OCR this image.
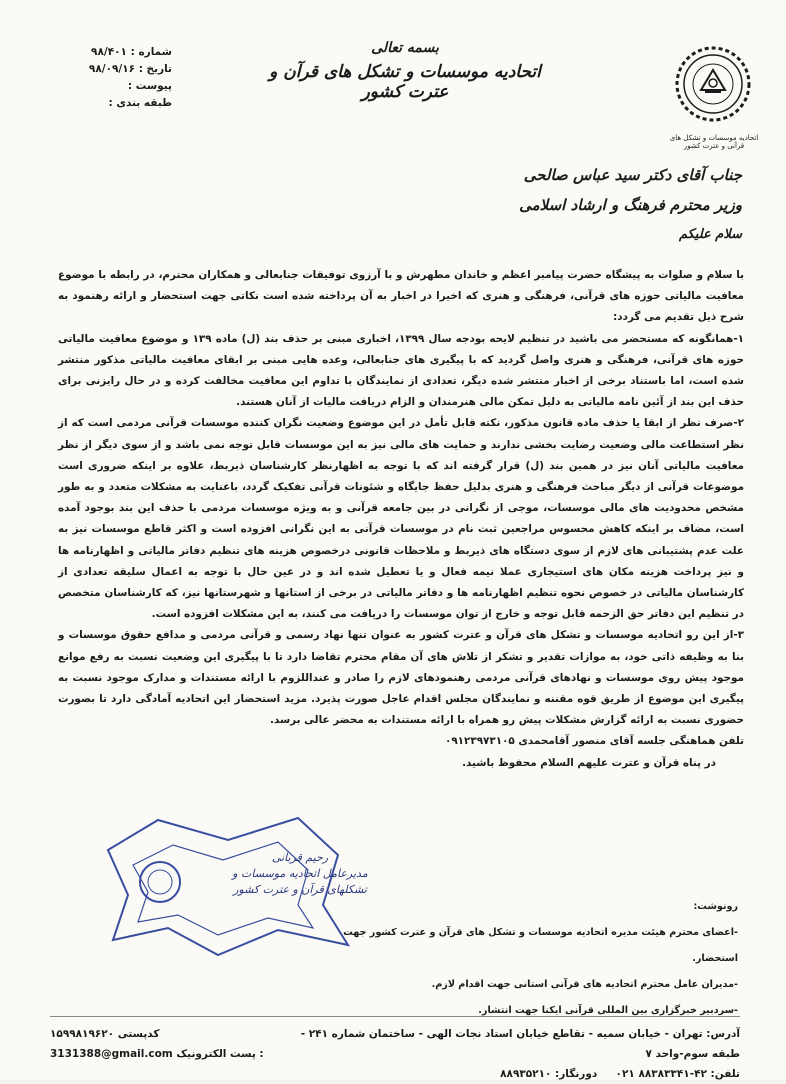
اتحادیه موسسات و تشکل های قرآنی و عترت کشور
شماره : ۹۸/۴۰۱
تاریخ : ۹۸/۰۹/۱۶
پیوست :
طبقه بندی :
بسمه تعالی
اتحادیه موسسات و تشکل های قرآن و عترت کشور
جناب آقای دکتر سید عباس صالحی
وزیر محترم فرهنگ و ارشاد اسلامی
سلام علیکم

با سلام و صلوات به پیشگاه حضرت پیامبر اعظم و خاندان مطهرش و با آرزوی توفیقات جنابعالی و همکاران محترم، در رابطه با موضوع معافیت مالیاتی حوزه های قرآنی، فرهنگی و هنری که اخیرا در اخبار به آن پرداخته شده است نکاتی جهت استحضار و ارائه رهنمود به شرح ذیل تقدیم می گردد:

۱-همانگونه که مستحضر می باشید در تنظیم لایحه بودجه سال ۱۳۹۹، اخباری مبنی بر حذف بند (ل) ماده ۱۳۹ و موضوع معافیت مالیاتی حوزه های قرآنی، فرهنگی و هنری واصل گردید که با پیگیری های جنابعالی، وعده هایی مبنی بر ابقای معافیت مالیاتی مذکور منتشر شده است، اما باستناد برخی از اخبار منتشر شده دیگر، تعدادی از نمایندگان با تداوم این معافیت مخالفت کرده و در حال رایزنی برای حذف این بند از آئین نامه مالیاتی به دلیل تمکن مالی هنرمندان و الزام دریافت مالیات از آنان هستند.

۲-صرف نظر از ابقا یا حذف ماده قانون مذکور، نکته قابل تأمل در این موضوع وضعیت نگران کننده موسسات قرآنی مردمی است که از نظر استطاعت مالی وضعیت رضایت بخشی ندارند و حمایت های مالی نیز به این موسسات قابل توجه نمی باشد و از سوی دیگر از نظر معافیت مالیاتی آنان نیز در همین بند (ل) قرار گرفته اند که با توجه به اظهارنظر کارشناسان ذیربط، علاوه بر اینکه ضروری است موضوعات قرآنی از دیگر مباحث فرهنگی و هنری بدلیل حفظ جایگاه و شئونات قرآنی تفکیک گردد، باعنایت به مشکلات متعدد و به طور مشخص محدودیت های مالی موسسات، موجی از نگرانی در بین جامعه قرآنی و به ویژه موسسات مردمی با حذف این بند بوجود آمده است، مضاف بر اینکه کاهش محسوس مراجعین ثبت نام در موسسات قرآنی به این نگرانی افزوده است و اکثر قاطع موسسات نیز به علت عدم پشتیبانی های لازم از سوی دستگاه های ذیربط و ملاحظات قانونی درخصوص هزینه های تنظیم دفاتر مالیاتی و اظهارنامه ها و نیز پرداخت هزینه مکان های استیجاری عملا نیمه فعال و یا تعطیل شده اند و در عین حال با توجه به اعمال سلیقه تعدادی از کارشناسان مالیاتی در خصوص نحوه تنظیم اظهارنامه ها و دفاتر مالیاتی در برخی از استانها و شهرستانها نیز، که کارشناسان متخصص در تنظیم این دفاتر حق الزحمه قابل توجه و خارج از توان موسسات را دریافت می کنند، به این مشکلات افزوده است.

۳-از این رو اتحادیه موسسات و تشکل های قرآن و عترت کشور به عنوان تنها نهاد رسمی و قرآنی مردمی و مدافع حقوق موسسات و بنا به وظیفه ذاتی خود، به موازات تقدیر و تشکر از تلاش های آن مقام محترم تقاضا دارد تا با پیگیری این وضعیت نسبت به رفع موانع موجود پیش روی موسسات و نهادهای قرآنی مردمی رهنمودهای لازم را صادر و عنداللزوم با ارائه مستندات و مدارک موجود نسبت به پیگیری این موضوع از طریق قوه مقننه و نمایندگان مجلس اقدام عاجل صورت پذیرد. مزید استحضار این اتحادیه آمادگی دارد تا بصورت حضوری نسبت به ارائه گزارش مشکلات پیش رو همراه با ارائه مستندات به محضر عالی برسد.

تلفن هماهنگی جلسه آقای منصور آقامحمدی ۰۹۱۲۳۹۷۳۱۰۵

در پناه قرآن و عترت علیهم السلام محفوظ باشید.

رحیم قربانی
مدیرعامل اتحادیه موسسات و تشکلهای قرآن و عترت کشور
رونوشت:
-اعضای محترم هیئت مدیره اتحادیه موسسات و تشکل های قرآن و عترت کشور جهت استحضار.
-مدیران عامل محترم اتحادیه های قرآنی استانی جهت اقدام لازم.
-سردبیر خبرگزاری بین المللی قرآنی ایکنا جهت انتشار.
آدرس: تهران - خیابان سمیه - تقاطع خیابان استاد نجات الهی - ساختمان شماره ۲۴۱ - طبقه سوم-واحد ۷
تلفن: ۴۲-۸۸۳۸۳۳۴۱ ۰۲۱     دورنگار: ۸۸۹۳۵۲۱۰
کدپستی ۱۵۹۹۸۱۹۶۲۰
3131388@gmail.com پست الکترونیک :
